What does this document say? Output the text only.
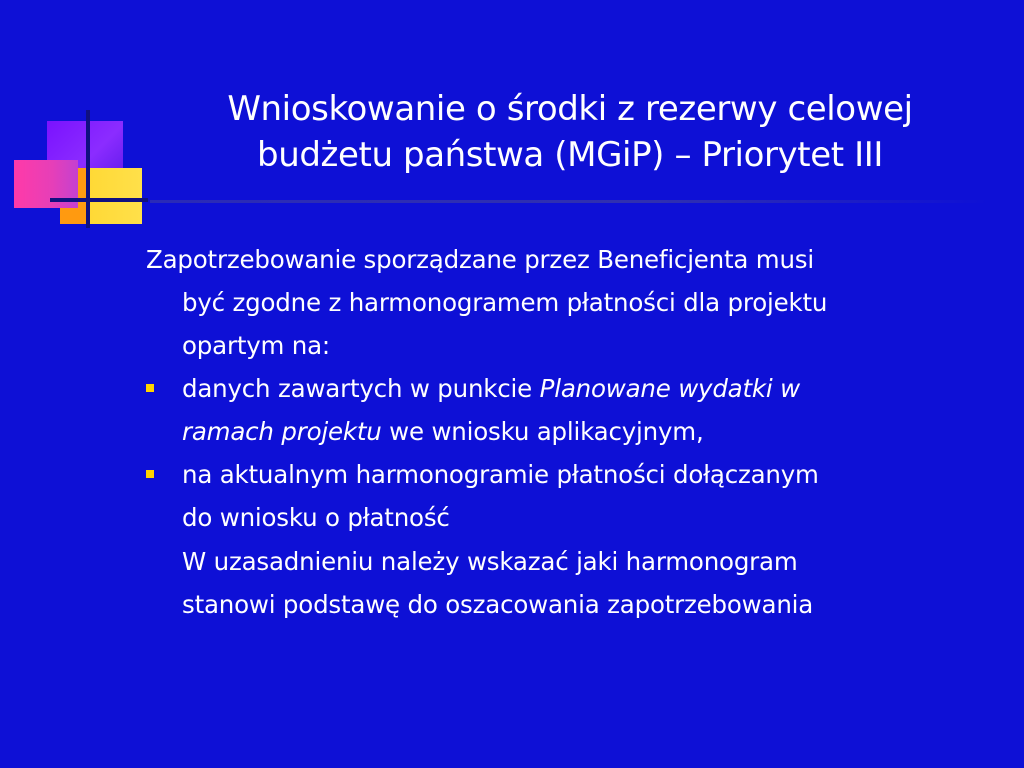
Wnioskowanie o środki z rezerwy celowej
budżetu państwa (MGiP) – Priorytet III
Zapotrzebowanie sporządzane przez Beneficjenta musi
być zgodne z harmonogramem płatności dla projektu
opartym na:
danych zawartych w punkcie Planowane wydatki w
ramach projektu we wniosku aplikacyjnym,
na aktualnym harmonogramie płatności dołączanym
do wniosku o płatność
W uzasadnieniu należy wskazać jaki harmonogram
stanowi podstawę do oszacowania zapotrzebowania
